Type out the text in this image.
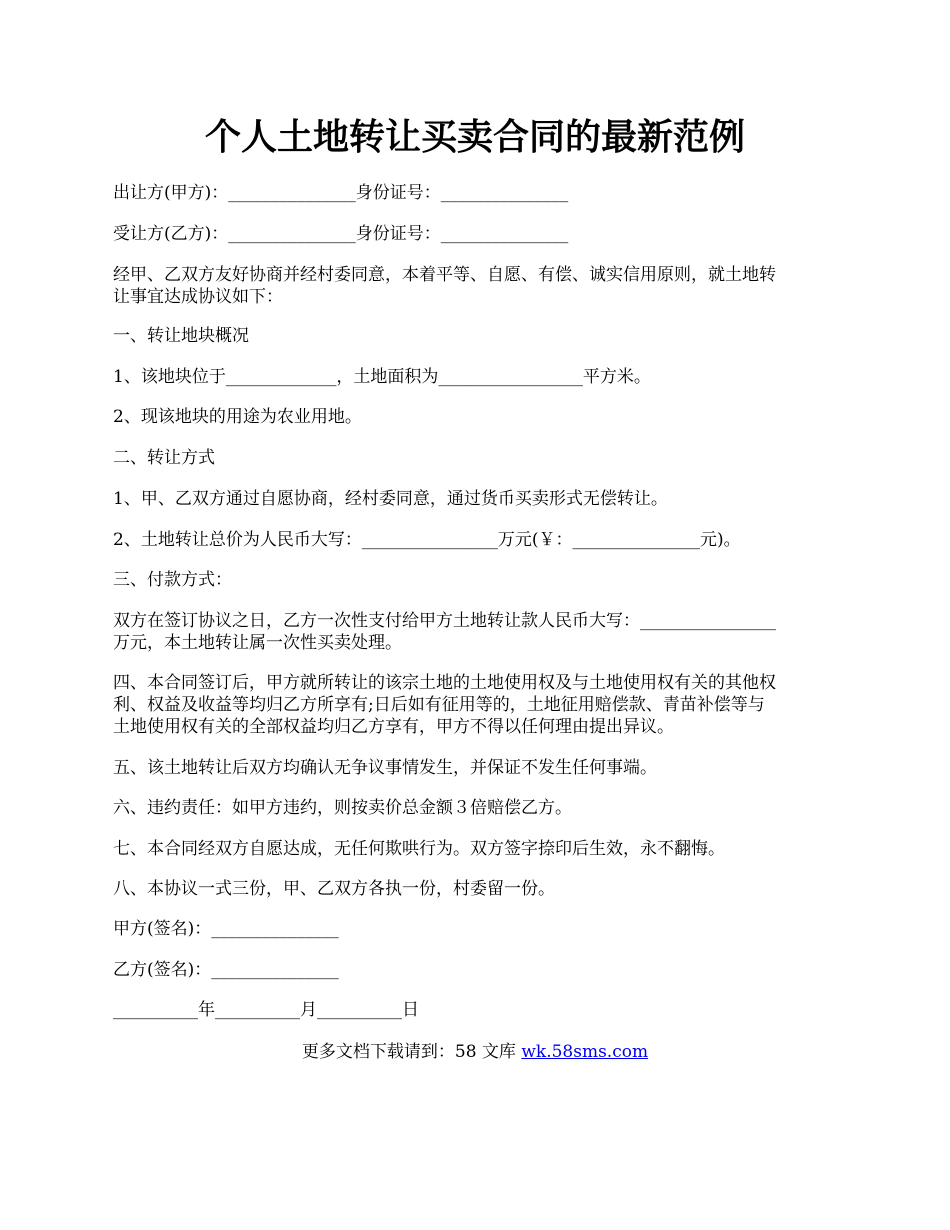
个人土地转让买卖合同的最新范例
出让方(甲方)：_______________身份证号：_______________
受让方(乙方)：_______________身份证号：_______________
经甲、乙双方友好协商并经村委同意，本着平等、自愿、有偿、诚实信用原则，就土地转
让事宜达成协议如下：
一、转让地块概况
1、该地块位于_____________，土地面积为_________________平方米。
2、现该地块的用途为农业用地。
二、转让方式
1、甲、乙双方通过自愿协商，经村委同意，通过货币买卖形式无偿转让。
2、土地转让总价为人民币大写：________________万元(￥：_______________元)。
三、付款方式：
双方在签订协议之日，乙方一次性支付给甲方土地转让款人民币大写：________________
万元，本土地转让属一次性买卖处理。
四、本合同签订后，甲方就所转让的该宗土地的土地使用权及与土地使用权有关的其他权
利、权益及收益等均归乙方所享有;日后如有征用等的，土地征用赔偿款、青苗补偿等与
土地使用权有关的全部权益均归乙方享有，甲方不得以任何理由提出异议。
五、该土地转让后双方均确认无争议事情发生，并保证不发生任何事端。
六、违约责任：如甲方违约，则按卖价总金额３倍赔偿乙方。
七、本合同经双方自愿达成，无任何欺哄行为。双方签字捺印后生效，永不翻悔。
八、本协议一式三份，甲、乙双方各执一份，村委留一份。
甲方(签名)：_______________
乙方(签名)：_______________
__________年__________月__________日
更多文档下载请到：58 文库 wk.58sms.com
